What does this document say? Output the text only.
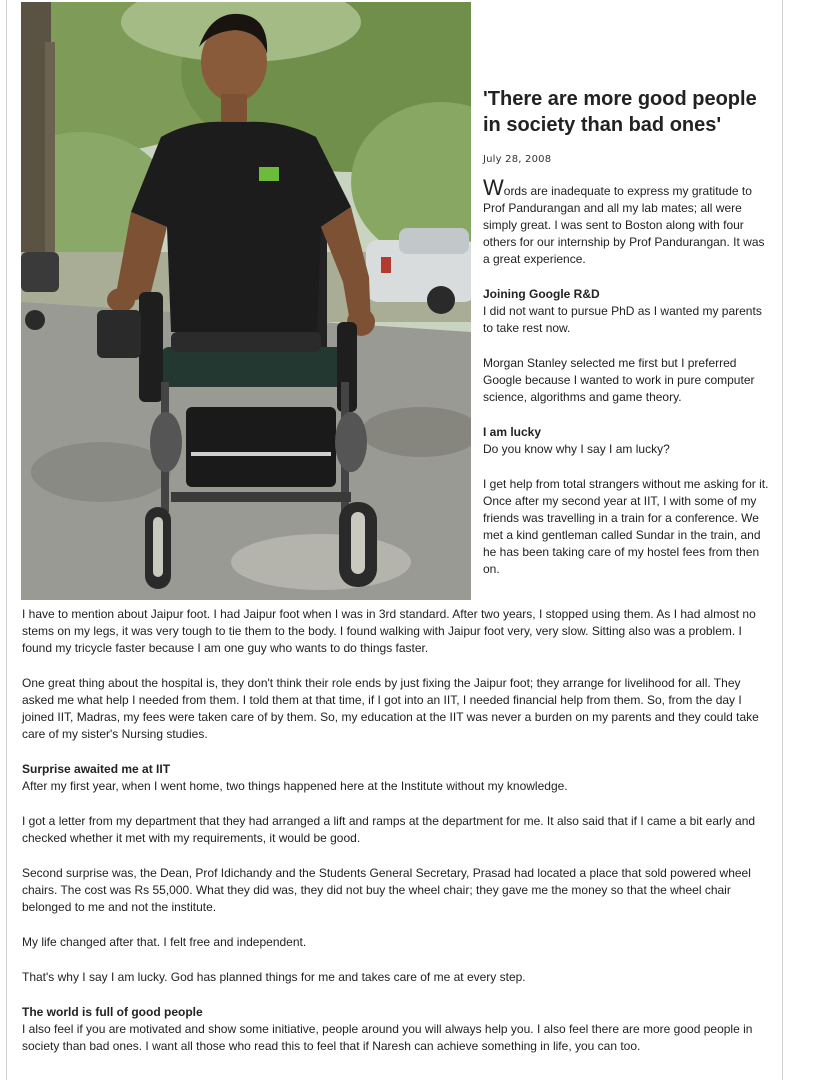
'There are more good people in society than bad ones'
July 28, 2008

Words are inadequate to express my gratitude to Prof Pandurangan and all my lab mates; all were simply great. I was sent to Boston along with four others for our internship by Prof Pandurangan. It was a great experience.

Joining Google R&D

I did not want to pursue PhD as I wanted my parents to take rest now.

Morgan Stanley selected me first but I preferred Google because I wanted to work in pure computer science, algorithms and game theory.

I am lucky

Do you know why I say I am lucky?

I get help from total strangers without me asking for it. Once after my second year at IIT, I with some of my friends was travelling in a train for a conference. We met a kind gentleman called Sundar in the train, and he has been taking care of my hostel fees from then on.

I have to mention about Jaipur foot. I had Jaipur foot when I was in 3rd standard. After two years, I stopped using them. As I had almost no stems on my legs, it was very tough to tie them to the body. I found walking with Jaipur foot very, very slow. Sitting also was a problem. I found my tricycle faster because I am one guy who wants to do things faster.

One great thing about the hospital is, they don't think their role ends by just fixing the Jaipur foot; they arrange for livelihood for all. They asked me what help I needed from them. I told them at that time, if I got into an IIT, I needed financial help from them. So, from the day I joined IIT, Madras, my fees were taken care of by them. So, my education at the IIT was never a burden on my parents and they could take care of my sister's Nursing studies.

Surprise awaited me at IIT

After my first year, when I went home, two things happened here at the Institute without my knowledge.

I got a letter from my department that they had arranged a lift and ramps at the department for me. It also said that if I came a bit early and checked whether it met with my requirements, it would be good.

Second surprise was, the Dean, Prof Idichandy and the Students General Secretary, Prasad had located a place that sold powered wheel chairs. The cost was Rs 55,000. What they did was, they did not buy the wheel chair; they gave me the money so that the wheel chair belonged to me and not the institute.

My life changed after that. I felt free and independent.

That's why I say I am lucky. God has planned things for me and takes care of me at every step.

The world is full of good people

I also feel if you are motivated and show some initiative, people around you will always help you. I also feel there are more good people in society than bad ones. I want all those who read this to feel that if Naresh can achieve something in life, you can too.
